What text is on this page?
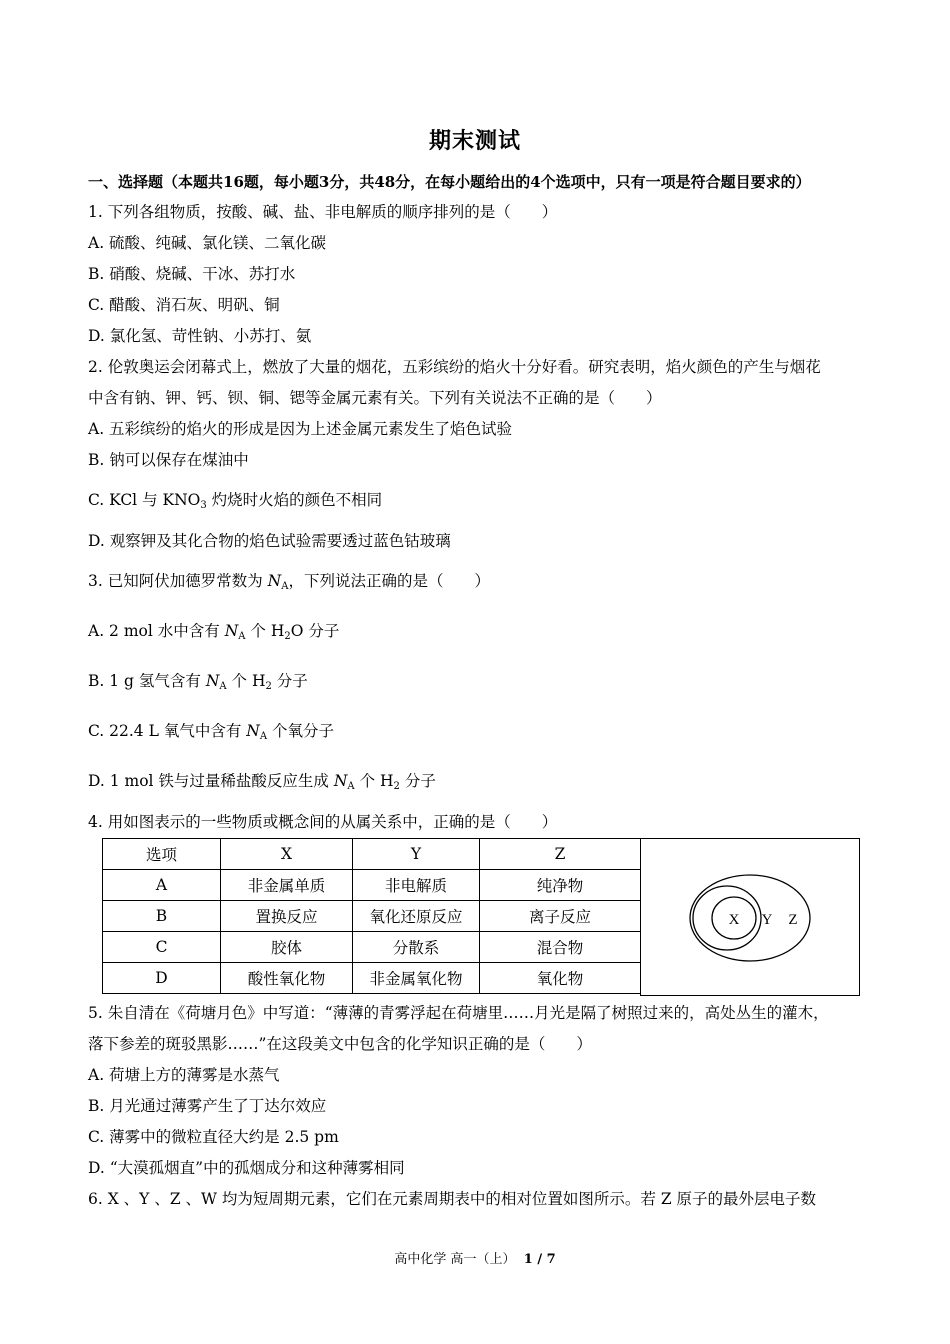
期末测试
一、选择题（本题共16题，每小题3分，共48分，在每小题给出的4个选项中，只有一项是符合题目要求的）
1. 下列各组物质，按酸、碱、盐、非电解质的顺序排列的是（　　）
A. 硫酸、纯碱、氯化镁、二氧化碳
B. 硝酸、烧碱、干冰、苏打水
C. 醋酸、消石灰、明矾、铜
D. 氯化氢、苛性钠、小苏打、氨
2. 伦敦奥运会闭幕式上，燃放了大量的烟花，五彩缤纷的焰火十分好看。研究表明，焰火颜色的产生与烟花
中含有钠、钾、钙、钡、铜、锶等金属元素有关。下列有关说法不正确的是（　　）
A. 五彩缤纷的焰火的形成是因为上述金属元素发生了焰色试验
B. 钠可以保存在煤油中
C. KCl 与 $KNO_3$ 灼烧时火焰的颜色不相同
D. 观察钾及其化合物的焰色试验需要透过蓝色钴玻璃
3. 已知阿伏加德罗常数为 $N_A$，下列说法正确的是（　　）
A. 2 mol 水中含有 $N_A$ 个 $H_2O$ 分子
B. 1 g 氢气含有 $N_A$ 个 $H_2$ 分子
C. 22.4 L 氧气中含有 $N_A$ 个氧分子
D. 1 mol 铁与过量稀盐酸反应生成 $N_A$ 个 $H_2$ 分子
4. 用如图表示的一些物质或概念间的从属关系中，正确的是（　　）
选项	X	Y	Z
A	非金属单质	非电解质	纯净物
B	置换反应	氧化还原反应	离子反应
C	胶体	分散系	混合物
D	酸性氧化物	非金属氧化物	氧化物
X Y Z
5. 朱自清在《荷塘月色》中写道：“薄薄的青雾浮起在荷塘里……月光是隔了树照过来的，高处丛生的灌木，
落下参差的斑驳黑影……”在这段美文中包含的化学知识正确的是（　　）
A. 荷塘上方的薄雾是水蒸气
B. 月光通过薄雾产生了丁达尔效应
C. 薄雾中的微粒直径大约是 2.5 pm
D. “大漠孤烟直”中的孤烟成分和这种薄雾相同
6. X 、Y 、Z 、W 均为短周期元素，它们在元素周期表中的相对位置如图所示。若 Z 原子的最外层电子数
高中化学 高一（上） 1 / 7
